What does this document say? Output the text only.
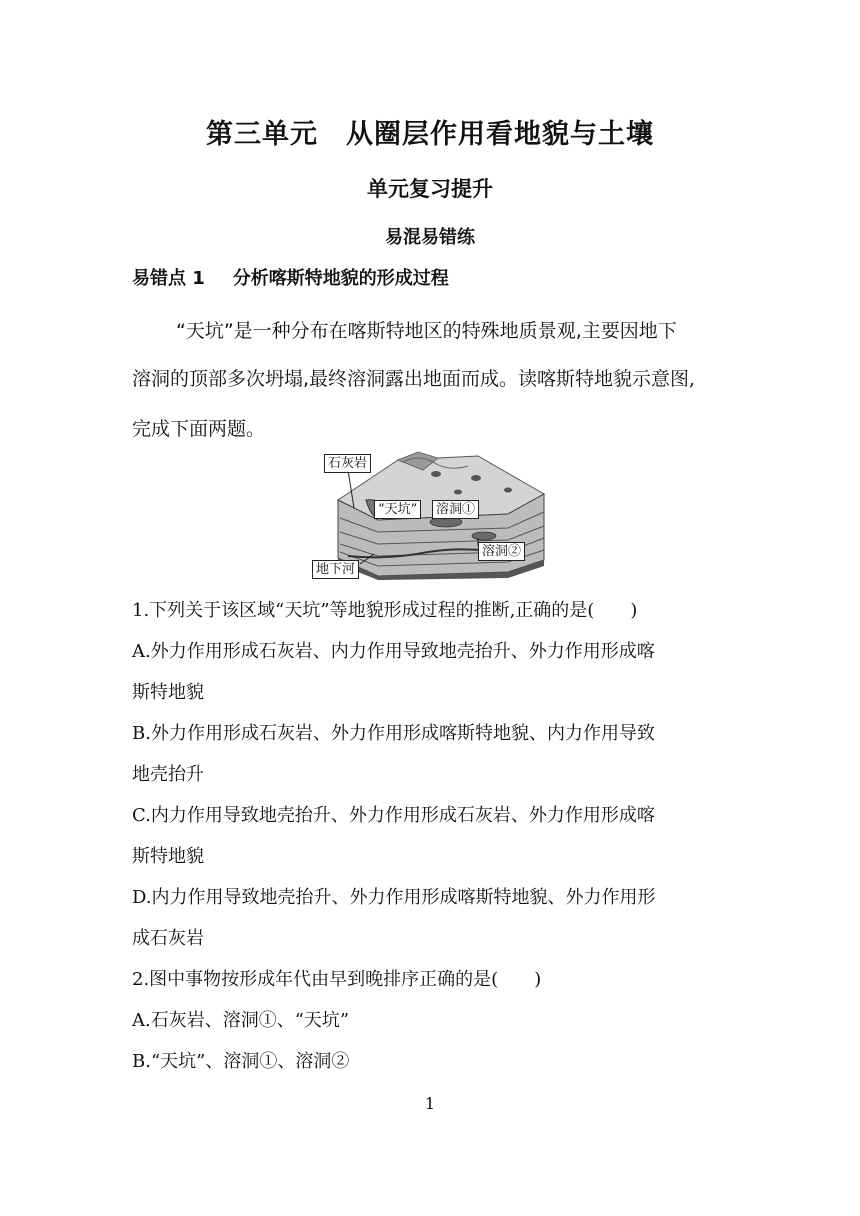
第三单元　从圈层作用看地貌与土壤
单元复习提升
易混易错练
易错点 1 分析喀斯特地貌的形成过程
“天坑”是一种分布在喀斯特地区的特殊地质景观,主要因地下
溶洞的顶部多次坍塌,最终溶洞露出地面而成。读喀斯特地貌示意图,
完成下面两题。
石灰岩
“天坑”	溶洞①
溶洞②
地下河
1.下列关于该区域“天坑”等地貌形成过程的推断,正确的是(　　)
A.外力作用形成石灰岩、内力作用导致地壳抬升、外力作用形成喀
斯特地貌
B.外力作用形成石灰岩、外力作用形成喀斯特地貌、内力作用导致
地壳抬升
C.内力作用导致地壳抬升、外力作用形成石灰岩、外力作用形成喀
斯特地貌
D.内力作用导致地壳抬升、外力作用形成喀斯特地貌、外力作用形
成石灰岩
2.图中事物按形成年代由早到晚排序正确的是(　　)
A.石灰岩、溶洞①、“天坑”
B.“天坑”、溶洞①、溶洞②
1
